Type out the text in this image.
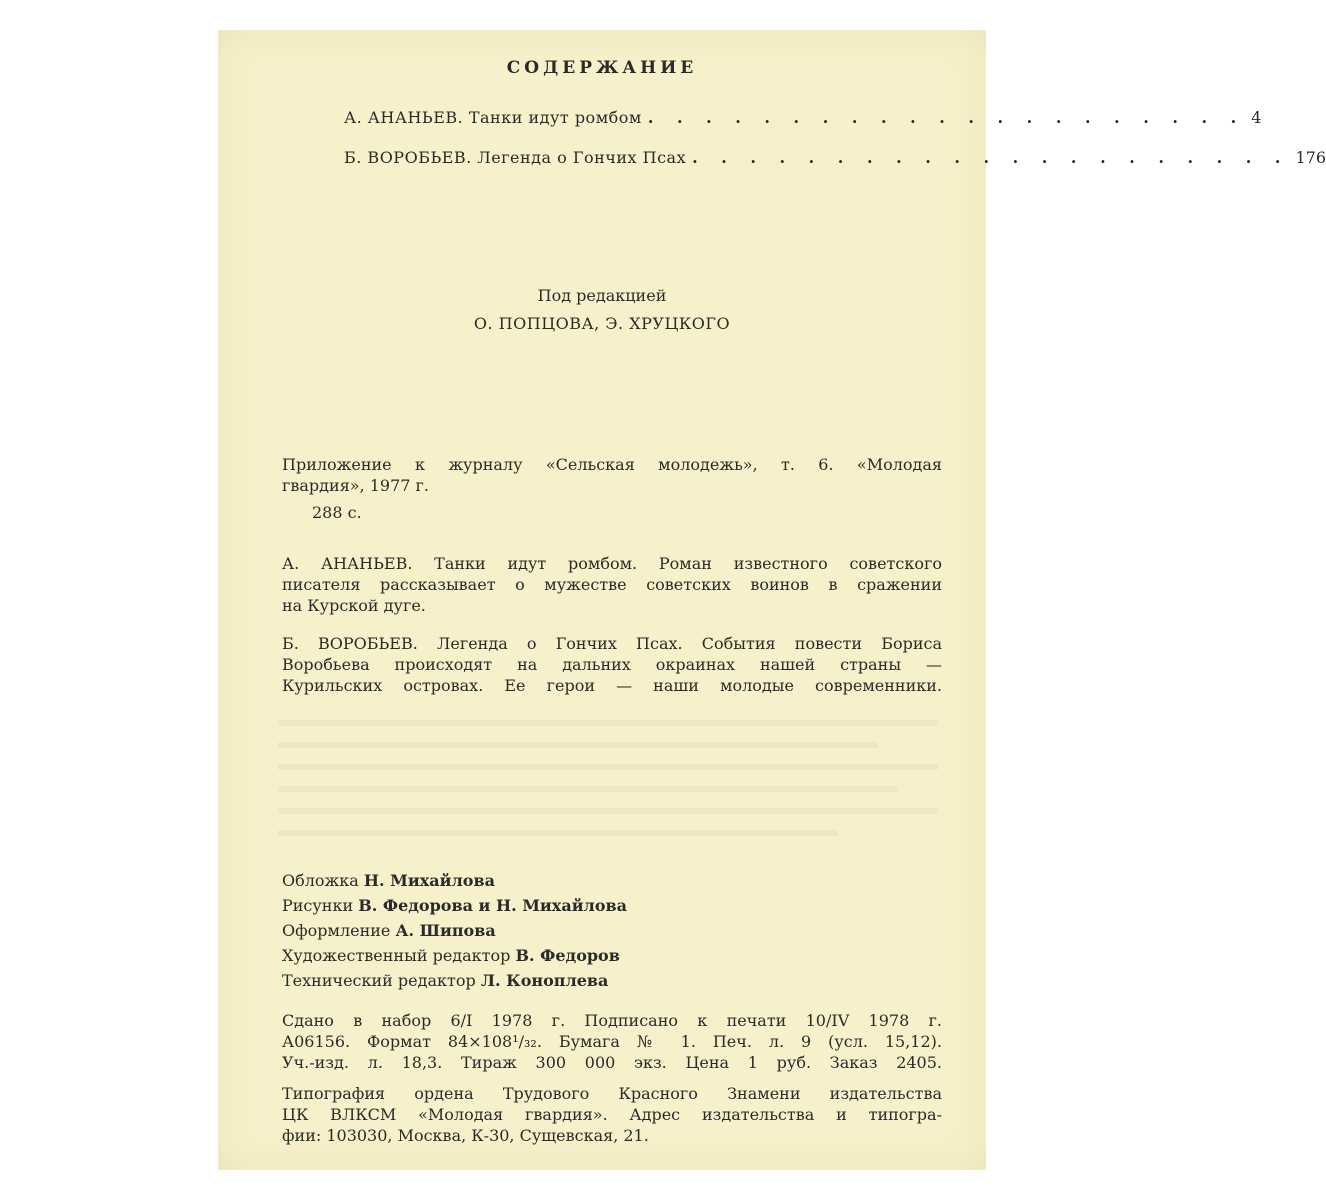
СОДЕРЖАНИЕ
А. АНАНЬЕВ. Танки идут ромбом . . . . . . . . . . . . . . . . . . . . . 4
Б. ВОРОБЬЕВ. Легенда о Гончих Псах . . . . . . . . . . . . . . . . . . . . . 176
Под редакцией
О. ПОПЦОВА, Э. ХРУЦКОГО
Приложение к журналу «Сельская молодежь», т. 6. «Молодая
гвардия», 1977 г.
288 с.
А. АНАНЬЕВ. Танки идут ромбом. Роман известного советского
писателя рассказывает о мужестве советских воинов в сражении
на Курской дуге.
Б. ВОРОБЬЕВ. Легенда о Гончих Псах. События повести Бориса
Воробьева происходят на дальних окраинах нашей страны —
Курильских островах. Ее герои — наши молодые современники.
Обложка Н. Михайлова
Рисунки В. Федорова и Н. Михайлова
Оформление А. Шипова
Художественный редактор В. Федоров
Технический редактор Л. Коноплева
Сдано в набор 6/I 1978 г. Подписано к печати 10/IV 1978 г.
А06156. Формат 84×108¹/₃₂. Бумага № 1. Печ. л. 9 (усл. 15,12).
Уч.-изд. л. 18,3. Тираж 300 000 экз. Цена 1 руб. Заказ 2405.
Типография ордена Трудового Красного Знамени издательства
ЦК ВЛКСМ «Молодая гвардия». Адрес издательства и типогра-
фии: 103030, Москва, К-30, Сущевская, 21.
